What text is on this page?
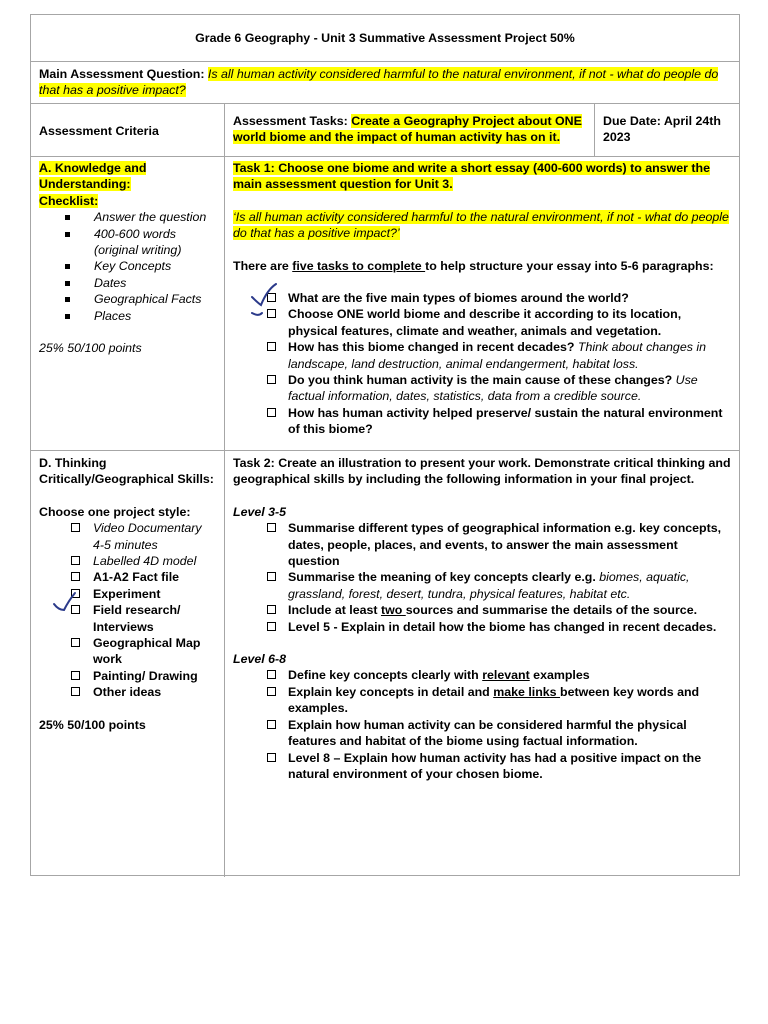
Grade 6 Geography - Unit 3 Summative Assessment Project 50%
Main Assessment Question: Is all human activity considered harmful to the natural environment, if not - what do people do that has a positive impact?
Assessment Criteria
Assessment Tasks: Create a Geography Project about ONE world biome and the impact of human activity has on it.
Due Date: April 24th
2023
A. Knowledge and Understanding:
Checklist:
Answer the question
400-600 words (original writing)
Key Concepts
Dates
Geographical Facts
Places
25% 50/100 points
Task 1: Choose one biome and write a short essay (400-600 words) to answer the main assessment question for Unit 3.
‘Is all human activity considered harmful to the natural environment, if not - what do people do that has a positive impact?’
There are five tasks to complete to help structure your essay into 5-6 paragraphs:
What are the five main types of biomes around the world?
Choose ONE world biome and describe it according to its location, physical features, climate and weather, animals and vegetation.
How has this biome changed in recent decades? Think about changes in landscape, land destruction, animal endangerment, habitat loss.
Do you think human activity is the main cause of these changes? Use factual information, dates, statistics, data from a credible source.
How has human activity helped preserve/ sustain the natural environment of this biome?
D. Thinking Critically/Geographical Skills:
Choose one project style:
Video Documentary 4-5 minutes
Labelled 4D model
A1-A2 Fact file
Experiment
Field research/ Interviews
Geographical Map work
Painting/ Drawing
Other ideas
25% 50/100 points
Task 2: Create an illustration to present your work. Demonstrate critical thinking and geographical skills by including the following information in your final project.
Level 3-5
Summarise different types of geographical information e.g. key concepts, dates, people, places, and events, to answer the main assessment question
Summarise the meaning of key concepts clearly e.g. biomes, aquatic, grassland, forest, desert, tundra, physical features, habitat etc.
Include at least two sources and summarise the details of the source.
Level 5 - Explain in detail how the biome has changed in recent decades.
Level 6-8
Define key concepts clearly with relevant examples
Explain key concepts in detail and make links between key words and examples.
Explain how human activity can be considered harmful the physical features and habitat of the biome using factual information.
Level 8 – Explain how human activity has had a positive impact on the natural environment of your chosen biome.
